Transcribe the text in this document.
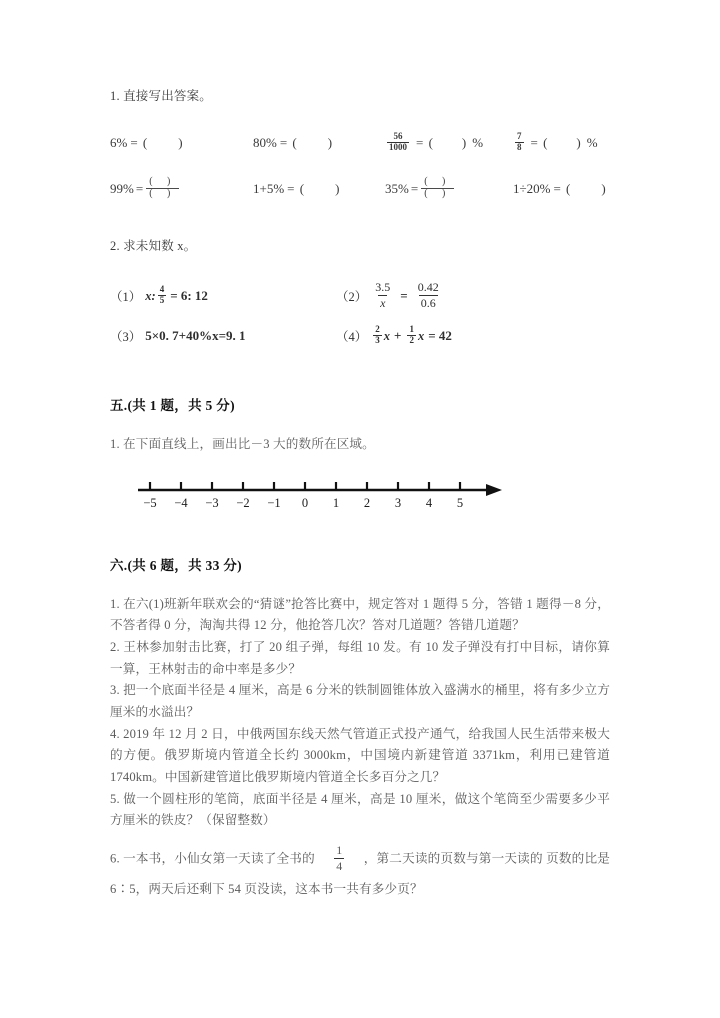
1. 直接写出答案。
6% = ( )	80% = ( )	$\frac{56}{1000}$ = ( ) %	$\frac{7}{8}$ = ( ) %
$99\% = \frac{( )}{( )}$	1+5% = ( )	$35\% = \frac{( )}{( )}$	1÷20% = ( )
2. 求未知数 x。
（1） x: $\frac{4}{5} = 6$: 12	$(2) \frac{3.5}{x} = \frac{0.42}{0.6}$
（3） 5×0. 7+40%x=9. 1	$(4) \frac{2}{3}$ $x + \frac{1}{2}$ x = 42
五.(共 1 题，共 5 分)
1. 在下面直线上，画出比－3 大的数所在区域。
−5	−4	−3	−2	−1	0	1	2	3	4	5
六.(共 6 题，共 33 分)
1. 在六(1)班新年联欢会的“猜谜”抢答比赛中，规定答对 1 题得 5 分，答错 1 题得－8 分，不答者得 0 分，淘淘共得 12 分，他抢答几次？答对几道题？答错几道题？
2. 王林参加射击比赛，打了 20 组子弹，每组 10 发。有 10 发子弹没有打中目标，请你算一算，王林射击的命中率是多少？
3. 把一个底面半径是 4 厘米，高是 6 分米的铁制圆锥体放入盛满水的桶里，将有多少立方厘米的水溢出？
4. 2019 年 12 月 2 日，中俄两国东线天然气管道正式投产通气，给我国人民生活带来极大的方便。俄罗斯境内管道全长约 3000km，中国境内新建管道 3371km，利用已建管道 1740km。中国新建管道比俄罗斯境内管道全长多百分之几？
5. 做一个圆柱形的笔筒，底面半径是 4 厘米，高是 10 厘米，做这个笔筒至少需要多少平方厘米的铁皮？（保留整数）
6. 一本书，小仙女第一天读了全书的 $\frac{1}{4}$ ，第二天读的页数与第一天读的 页数的比是 6∶5，两天后还剩下 54 页没读，这本书一共有多少页？
